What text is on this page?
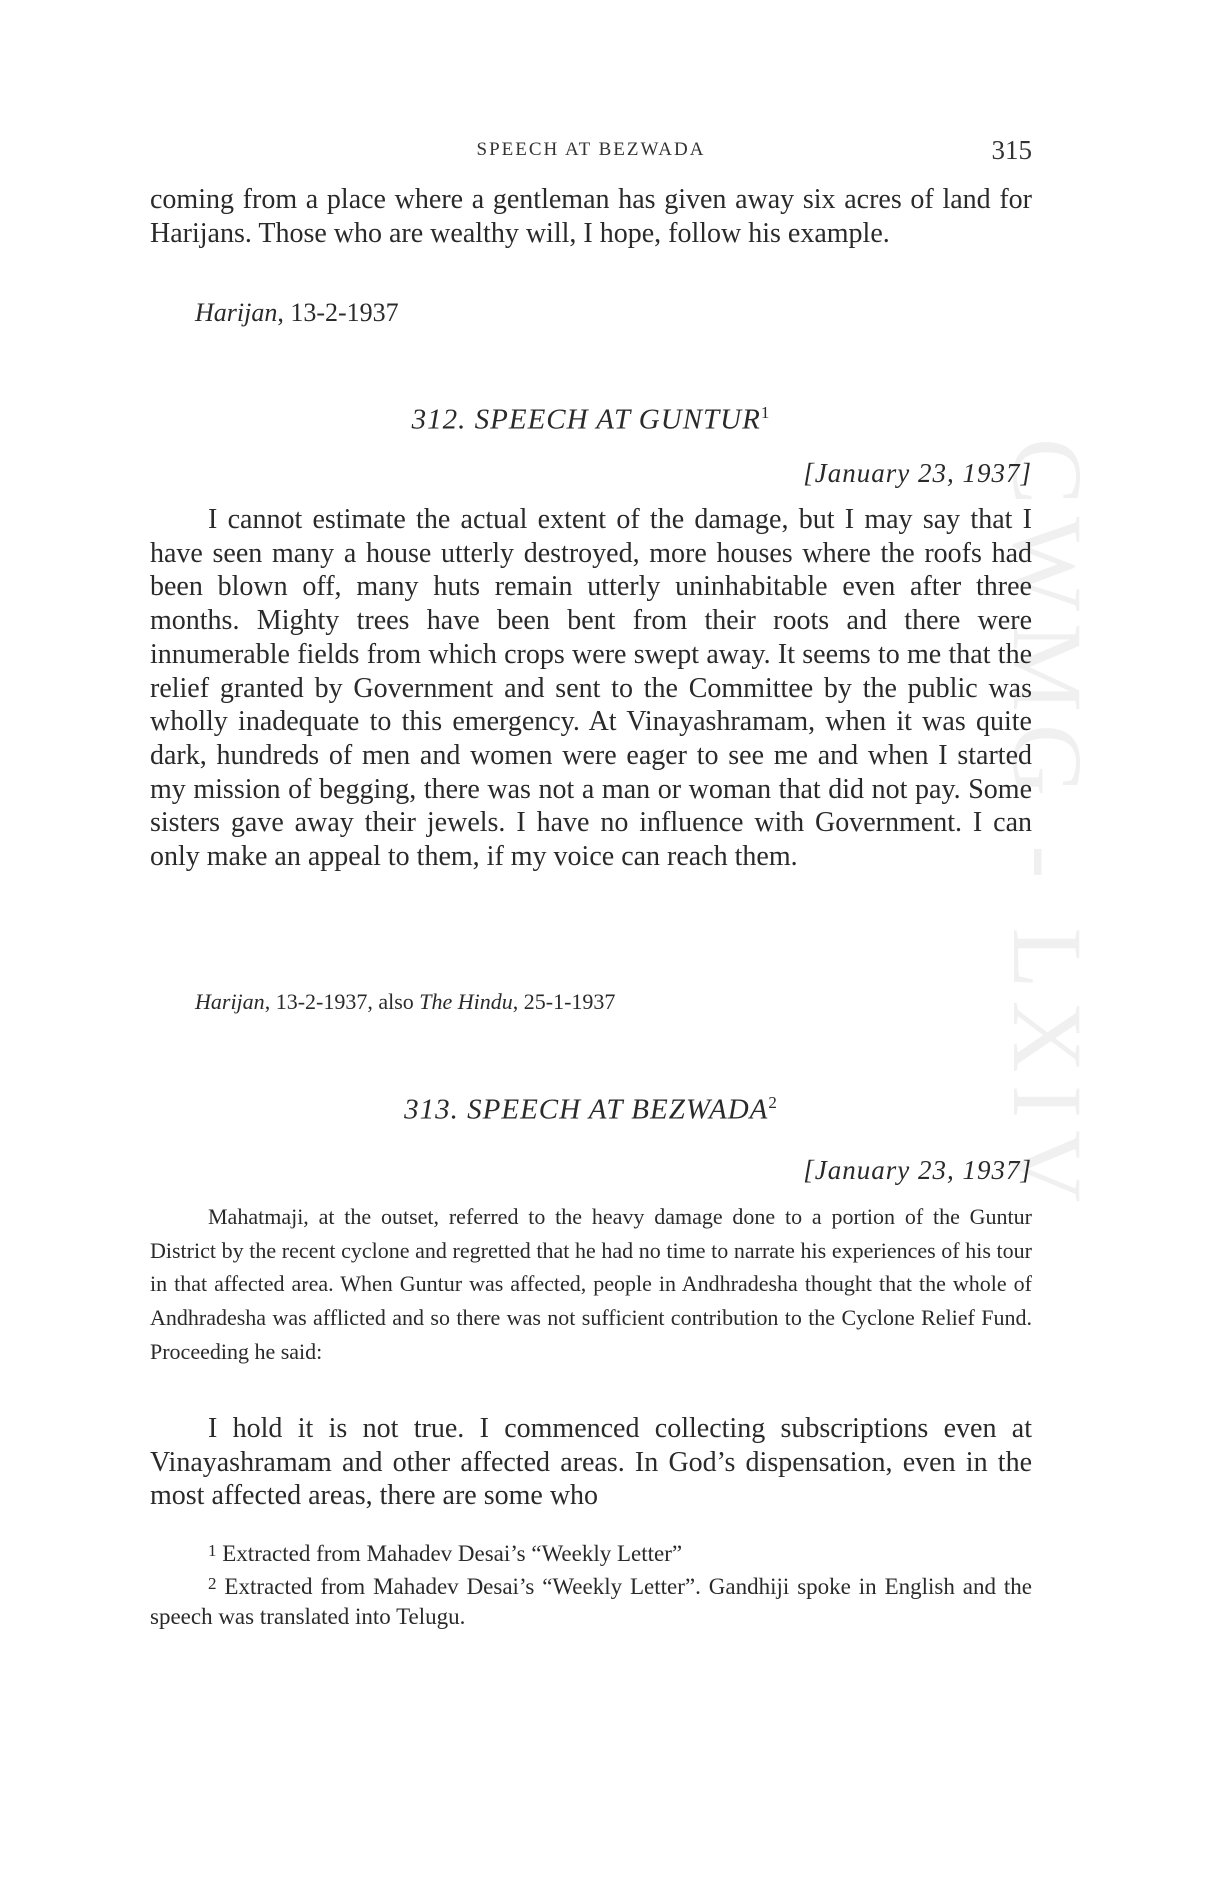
CWMG - LXIV
SPEECH AT BEZWADA	315

coming from a place where a gentleman has given away six acres of land for Harijans. Those who are wealthy will, I hope, follow his example.

Harijan, 13-2-1937
312. SPEECH AT GUNTUR$^1$
[January 23, 1937]

I cannot estimate the actual extent of the damage, but I may say that I have seen many a house utterly destroyed, more houses where the roofs had been blown off, many huts remain utterly uninhabitable even after three months. Mighty trees have been bent from their roots and there were innumerable fields from which crops were swept away. It seems to me that the relief granted by Government and sent to the Committee by the public was wholly inadequate to this emergency. At Vinayashramam, when it was quite dark, hundreds of men and women were eager to see me and when I started my mission of begging, there was not a man or woman that did not pay. Some sisters gave away their jewels. I have no influence with Government. I can only make an appeal to them, if my voice can reach them.

Harijan, 13-2-1937, also The Hindu, 25-1-1937
313. SPEECH AT BEZWADA$^2$
[January 23, 1937]

Mahatmaji, at the outset, referred to the heavy damage done to a portion of the Guntur District by the recent cyclone and regretted that he had no time to narrate his experiences of his tour in that affected area. When Guntur was affected, people in Andhradesha thought that the whole of Andhradesha was afflicted and so there was not sufficient contribution to the Cyclone Relief Fund. Proceeding he said:

I hold it is not true. I commenced collecting subscriptions even at Vinayashramam and other affected areas. In God’s dispensation, even in the most affected areas, there are some who

$^1$ Extracted from Mahadev Desai’s “Weekly Letter”

$^2$ Extracted from Mahadev Desai’s “Weekly Letter”. Gandhiji spoke in English and the speech was translated into Telugu.
